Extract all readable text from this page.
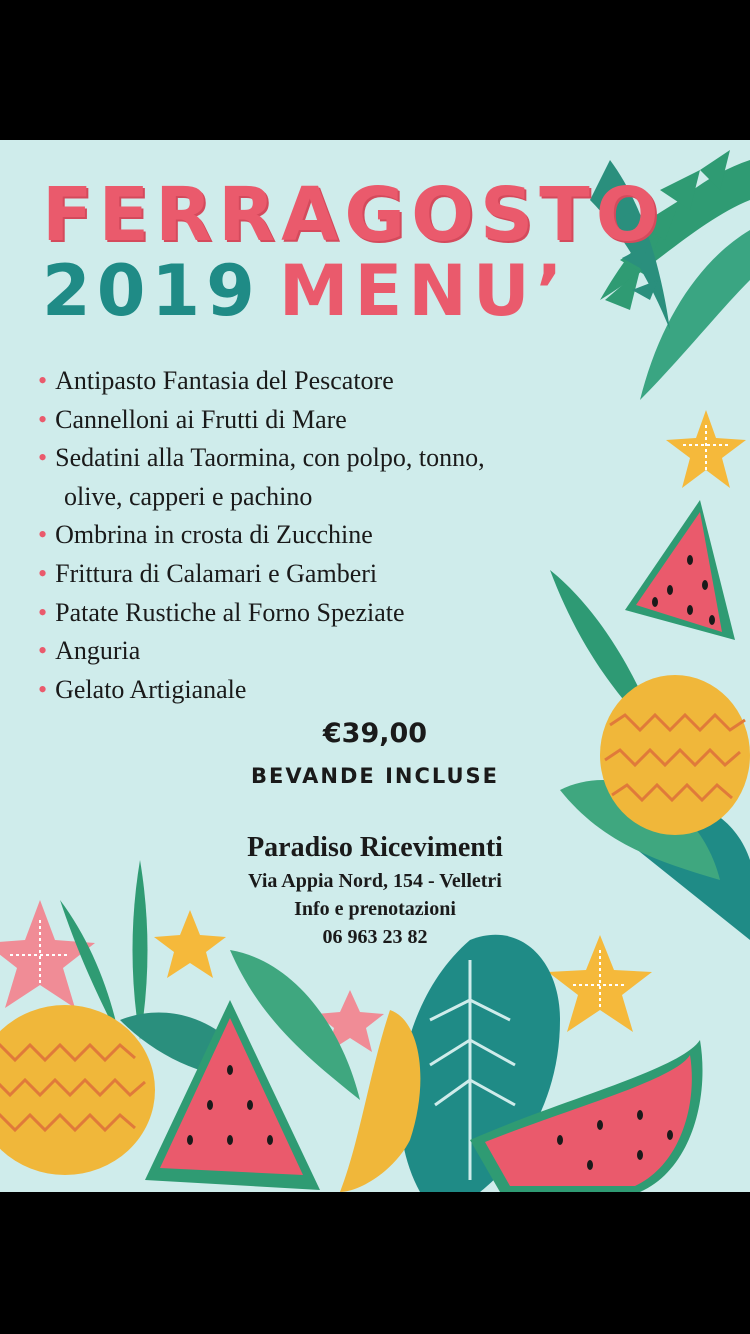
FERRAGOSTO
2019 MENU’
• Antipasto Fantasia del Pescatore
• Cannelloni ai Frutti di Mare
• Sedatini alla Taormina, con polpo, tonno,
olive, capperi e pachino
• Ombrina in crosta di Zucchine
• Frittura di Calamari e Gamberi
• Patate Rustiche al Forno Speziate
• Anguria
• Gelato Artigianale
€39,00
BEVANDE INCLUSE
Paradiso Ricevimenti
Via Appia Nord, 154 - Velletri
Info e prenotazioni
06 963 23 82
